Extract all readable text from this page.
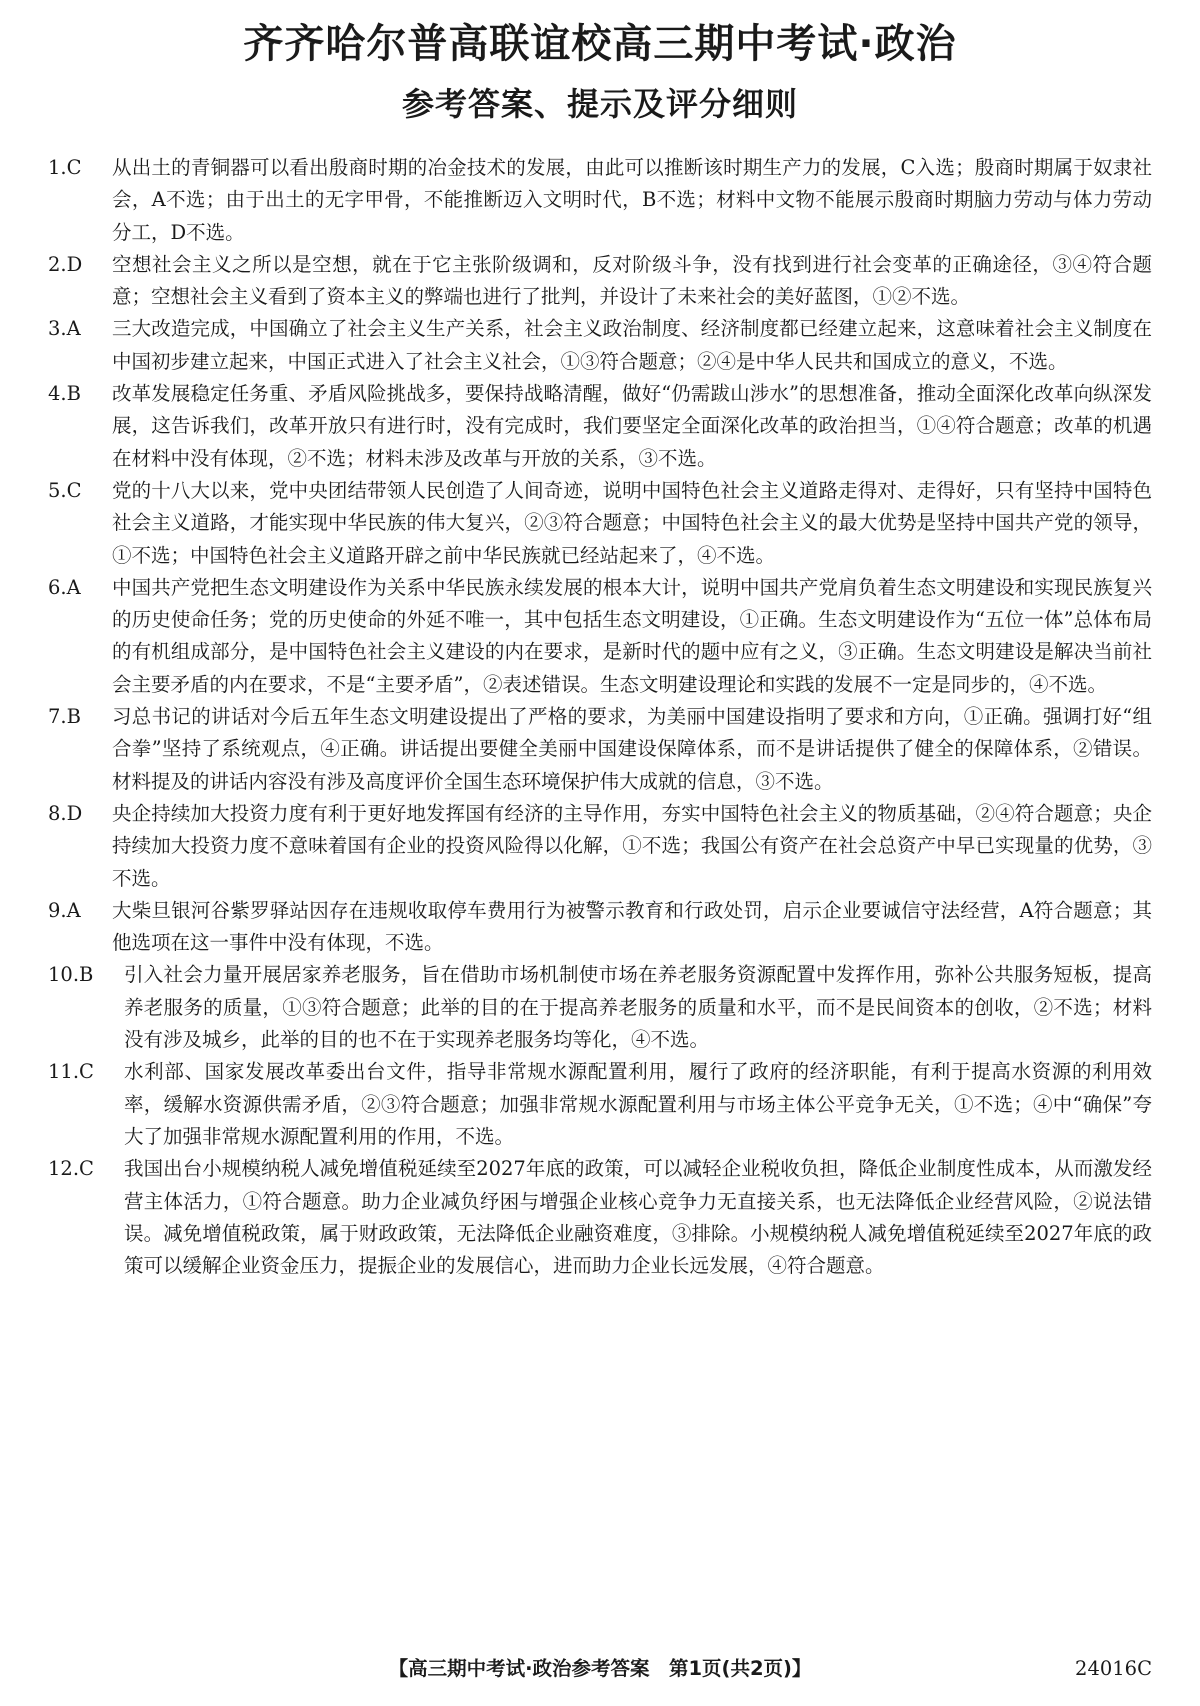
齐齐哈尔普高联谊校高三期中考试·政治
参考答案、提示及评分细则
1.C	从出土的青铜器可以看出殷商时期的冶金技术的发展，由此可以推断该时期生产力的发展，C入选；殷商时期属于奴隶社会，A不选；由于出土的无字甲骨，不能推断迈入文明时代，B不选；材料中文物不能展示殷商时期脑力劳动与体力劳动分工，D不选。
2.D	空想社会主义之所以是空想，就在于它主张阶级调和，反对阶级斗争，没有找到进行社会变革的正确途径，③④符合题意；空想社会主义看到了资本主义的弊端也进行了批判，并设计了未来社会的美好蓝图，①②不选。
3.A	三大改造完成，中国确立了社会主义生产关系，社会主义政治制度、经济制度都已经建立起来，这意味着社会主义制度在中国初步建立起来，中国正式进入了社会主义社会，①③符合题意；②④是中华人民共和国成立的意义，不选。
4.B	改革发展稳定任务重、矛盾风险挑战多，要保持战略清醒，做好“仍需跋山涉水”的思想准备，推动全面深化改革向纵深发展，这告诉我们，改革开放只有进行时，没有完成时，我们要坚定全面深化改革的政治担当，①④符合题意；改革的机遇在材料中没有体现，②不选；材料未涉及改革与开放的关系，③不选。
5.C	党的十八大以来，党中央团结带领人民创造了人间奇迹，说明中国特色社会主义道路走得对、走得好，只有坚持中国特色社会主义道路，才能实现中华民族的伟大复兴，②③符合题意；中国特色社会主义的最大优势是坚持中国共产党的领导，①不选；中国特色社会主义道路开辟之前中华民族就已经站起来了，④不选。
6.A	中国共产党把生态文明建设作为关系中华民族永续发展的根本大计，说明中国共产党肩负着生态文明建设和实现民族复兴的历史使命任务；党的历史使命的外延不唯一，其中包括生态文明建设，①正确。生态文明建设作为“五位一体”总体布局的有机组成部分，是中国特色社会主义建设的内在要求，是新时代的题中应有之义，③正确。生态文明建设是解决当前社会主要矛盾的内在要求，不是“主要矛盾”，②表述错误。生态文明建设理论和实践的发展不一定是同步的，④不选。
7.B	习总书记的讲话对今后五年生态文明建设提出了严格的要求，为美丽中国建设指明了要求和方向，①正确。强调打好“组合拳”坚持了系统观点，④正确。讲话提出要健全美丽中国建设保障体系，而不是讲话提供了健全的保障体系，②错误。材料提及的讲话内容没有涉及高度评价全国生态环境保护伟大成就的信息，③不选。
8.D	央企持续加大投资力度有利于更好地发挥国有经济的主导作用，夯实中国特色社会主义的物质基础，②④符合题意；央企持续加大投资力度不意味着国有企业的投资风险得以化解，①不选；我国公有资产在社会总资产中早已实现量的优势，③不选。
9.A	大柴旦银河谷紫罗驿站因存在违规收取停车费用行为被警示教育和行政处罚，启示企业要诚信守法经营，A符合题意；其他选项在这一事件中没有体现，不选。
10.B	引入社会力量开展居家养老服务，旨在借助市场机制使市场在养老服务资源配置中发挥作用，弥补公共服务短板，提高养老服务的质量，①③符合题意；此举的目的在于提高养老服务的质量和水平，而不是民间资本的创收，②不选；材料没有涉及城乡，此举的目的也不在于实现养老服务均等化，④不选。
11.C	水利部、国家发展改革委出台文件，指导非常规水源配置利用，履行了政府的经济职能，有利于提高水资源的利用效率，缓解水资源供需矛盾，②③符合题意；加强非常规水源配置利用与市场主体公平竞争无关，①不选；④中“确保”夸大了加强非常规水源配置利用的作用，不选。
12.C	我国出台小规模纳税人减免增值税延续至2027年底的政策，可以减轻企业税收负担，降低企业制度性成本，从而激发经营主体活力，①符合题意。助力企业减负纾困与增强企业核心竞争力无直接关系，也无法降低企业经营风险，②说法错误。减免增值税政策，属于财政政策，无法降低企业融资难度，③排除。小规模纳税人减免增值税延续至2027年底的政策可以缓解企业资金压力，提振企业的发展信心，进而助力企业长远发展，④符合题意。
【高三期中考试·政治参考答案　第1页(共2页)】	24016C
